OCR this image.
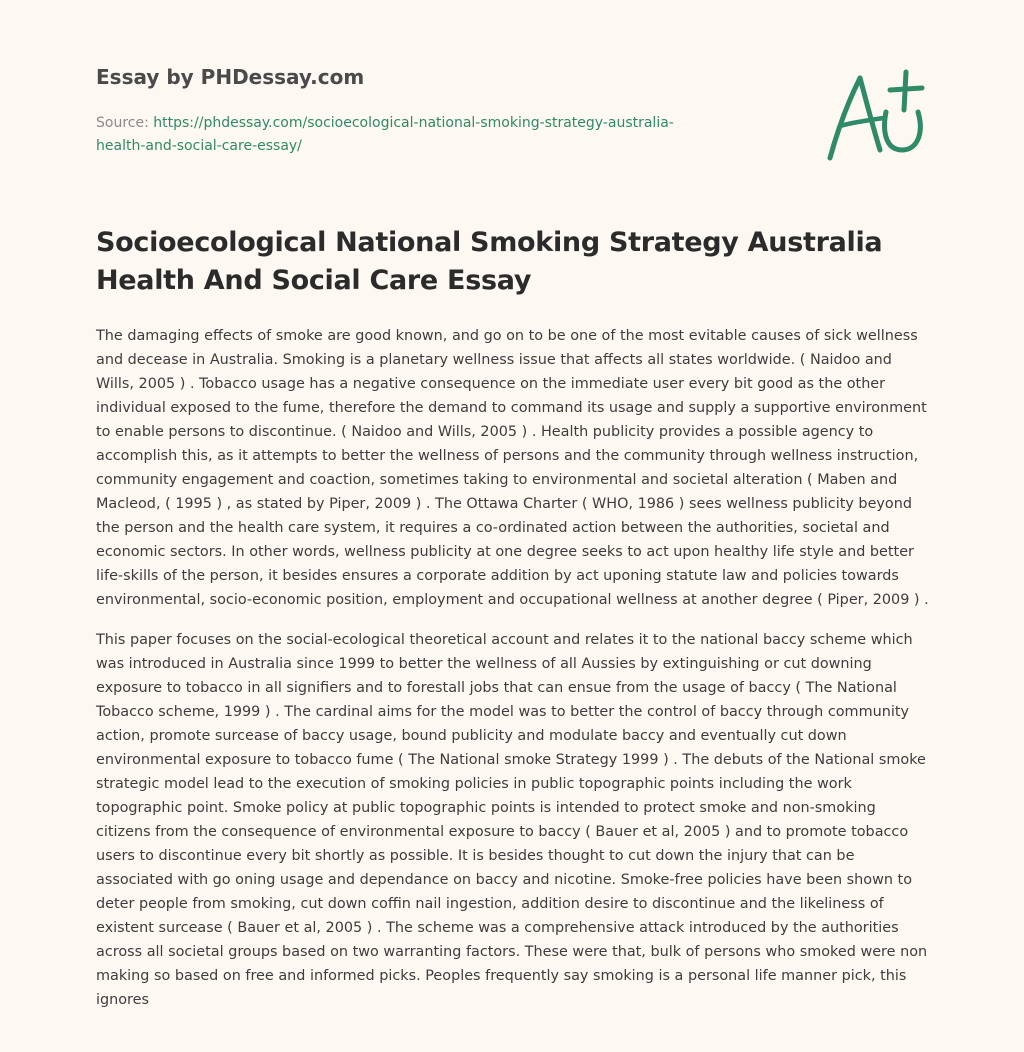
Essay by PHDessay.com
Source: https://phdessay.com/socioecological-national-smoking-strategy-australia-
health-and-social-care-essay/
Socioecological National Smoking Strategy Australia Health And Social Care Essay

The damaging effects of smoke are good known, and go on to be one of the most evitable causes of sick wellness and decease in Australia. Smoking is a planetary wellness issue that affects all states worldwide. ( Naidoo and Wills, 2005 ) . Tobacco usage has a negative consequence on the immediate user every bit good as the other individual exposed to the fume, therefore the demand to command its usage and supply a supportive environment to enable persons to discontinue. ( Naidoo and Wills, 2005 ) . Health publicity provides a possible agency to accomplish this, as it attempts to better the wellness of persons and the community through wellness instruction, community engagement and coaction, sometimes taking to environmental and societal alteration ( Maben and Macleod, ( 1995 ) , as stated by Piper, 2009 ) . The Ottawa Charter ( WHO, 1986 ) sees wellness publicity beyond the person and the health care system, it requires a co-ordinated action between the authorities, societal and economic sectors. In other words, wellness publicity at one degree seeks to act upon healthy life style and better life-skills of the person, it besides ensures a corporate addition by act uponing statute law and policies towards environmental, socio-economic position, employment and occupational wellness at another degree ( Piper, 2009 ) .

This paper focuses on the social-ecological theoretical account and relates it to the national baccy scheme which was introduced in Australia since 1999 to better the wellness of all Aussies by extinguishing or cut downing exposure to tobacco in all signifiers and to forestall jobs that can ensue from the usage of baccy ( The National Tobacco scheme, 1999 ) . The cardinal aims for the model was to better the control of baccy through community action, promote surcease of baccy usage, bound publicity and modulate baccy and eventually cut down environmental exposure to tobacco fume ( The National smoke Strategy 1999 ) . The debuts of the National smoke strategic model lead to the execution of smoking policies in public topographic points including the work topographic point. Smoke policy at public topographic points is intended to protect smoke and non-smoking citizens from the consequence of environmental exposure to baccy ( Bauer et al, 2005 ) and to promote tobacco users to discontinue every bit shortly as possible. It is besides thought to cut down the injury that can be associated with go oning usage and dependance on baccy and nicotine. Smoke-free policies have been shown to deter people from smoking, cut down coffin nail ingestion, addition desire to discontinue and the likeliness of existent surcease ( Bauer et al, 2005 ) . The scheme was a comprehensive attack introduced by the authorities across all societal groups based on two warranting factors. These were that, bulk of persons who smoked were non making so based on free and informed picks. Peoples frequently say smoking is a personal life manner pick, this ignores
